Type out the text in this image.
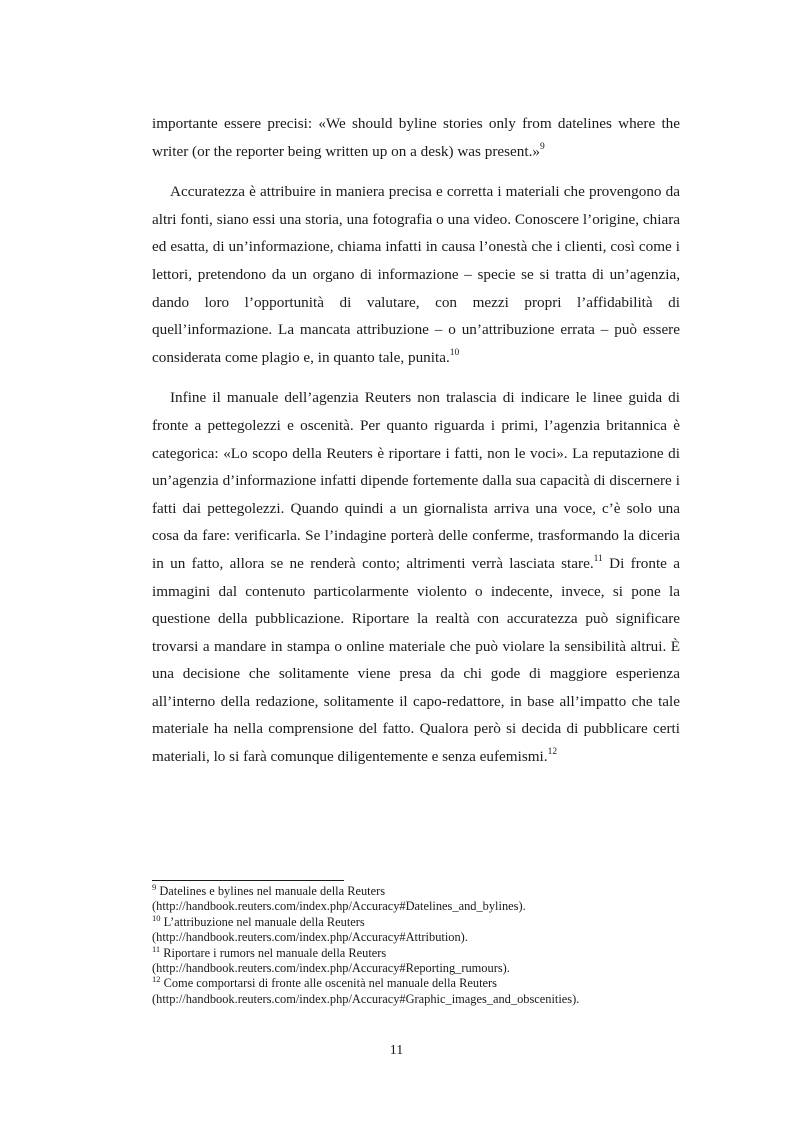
importante essere precisi: «We should byline stories only from datelines where the writer (or the reporter being written up on a desk) was present.»$^9$

Accuratezza è attribuire in maniera precisa e corretta i materiali che provengono da altri fonti, siano essi una storia, una fotografia o una video. Conoscere l’origine, chiara ed esatta, di un’informazione, chiama infatti in causa l’onestà che i clienti, così come i lettori, pretendono da un organo di informazione – specie se si tratta di un’agenzia, dando loro l’opportunità di valutare, con mezzi propri l’affidabilità di quell’informazione. La mancata attribuzione – o un’attribuzione errata – può essere considerata come plagio e, in quanto tale, punita.$^{10}$

Infine il manuale dell’agenzia Reuters non tralascia di indicare le linee guida di fronte a pettegolezzi e oscenità. Per quanto riguarda i primi, l’agenzia britannica è categorica: «Lo scopo della Reuters è riportare i fatti, non le voci». La reputazione di un’agenzia d’informazione infatti dipende fortemente dalla sua capacità di discernere i fatti dai pettegolezzi. Quando quindi a un giornalista arriva una voce, c’è solo una cosa da fare: verificarla. Se l’indagine porterà delle conferme, trasformando la diceria in un fatto, allora se ne renderà conto; altrimenti verrà lasciata stare.$^{11}$ Di fronte a immagini dal contenuto particolarmente violento o indecente, invece, si pone la questione della pubblicazione. Riportare la realtà con accuratezza può significare trovarsi a mandare in stampa o online materiale che può violare la sensibilità altrui. È una decisione che solitamente viene presa da chi gode di maggiore esperienza all’interno della redazione, solitamente il capo-redattore, in base all’impatto che tale materiale ha nella comprensione del fatto. Qualora però si decida di pubblicare certi materiali, lo si farà comunque diligentemente e senza eufemismi.$^{12}$

$^9$ Datelines e bylines nel manuale della Reuters
(http://handbook.reuters.com/index.php/Accuracy#Datelines_and_bylines).

$^{10}$ L’attribuzione nel manuale della Reuters
(http://handbook.reuters.com/index.php/Accuracy#Attribution).

$^{11}$ Riportare i rumors nel manuale della Reuters
(http://handbook.reuters.com/index.php/Accuracy#Reporting_rumours).

$^{12}$ Come comportarsi di fronte alle oscenità nel manuale della Reuters
(http://handbook.reuters.com/index.php/Accuracy#Graphic_images_and_obscenities).

11
